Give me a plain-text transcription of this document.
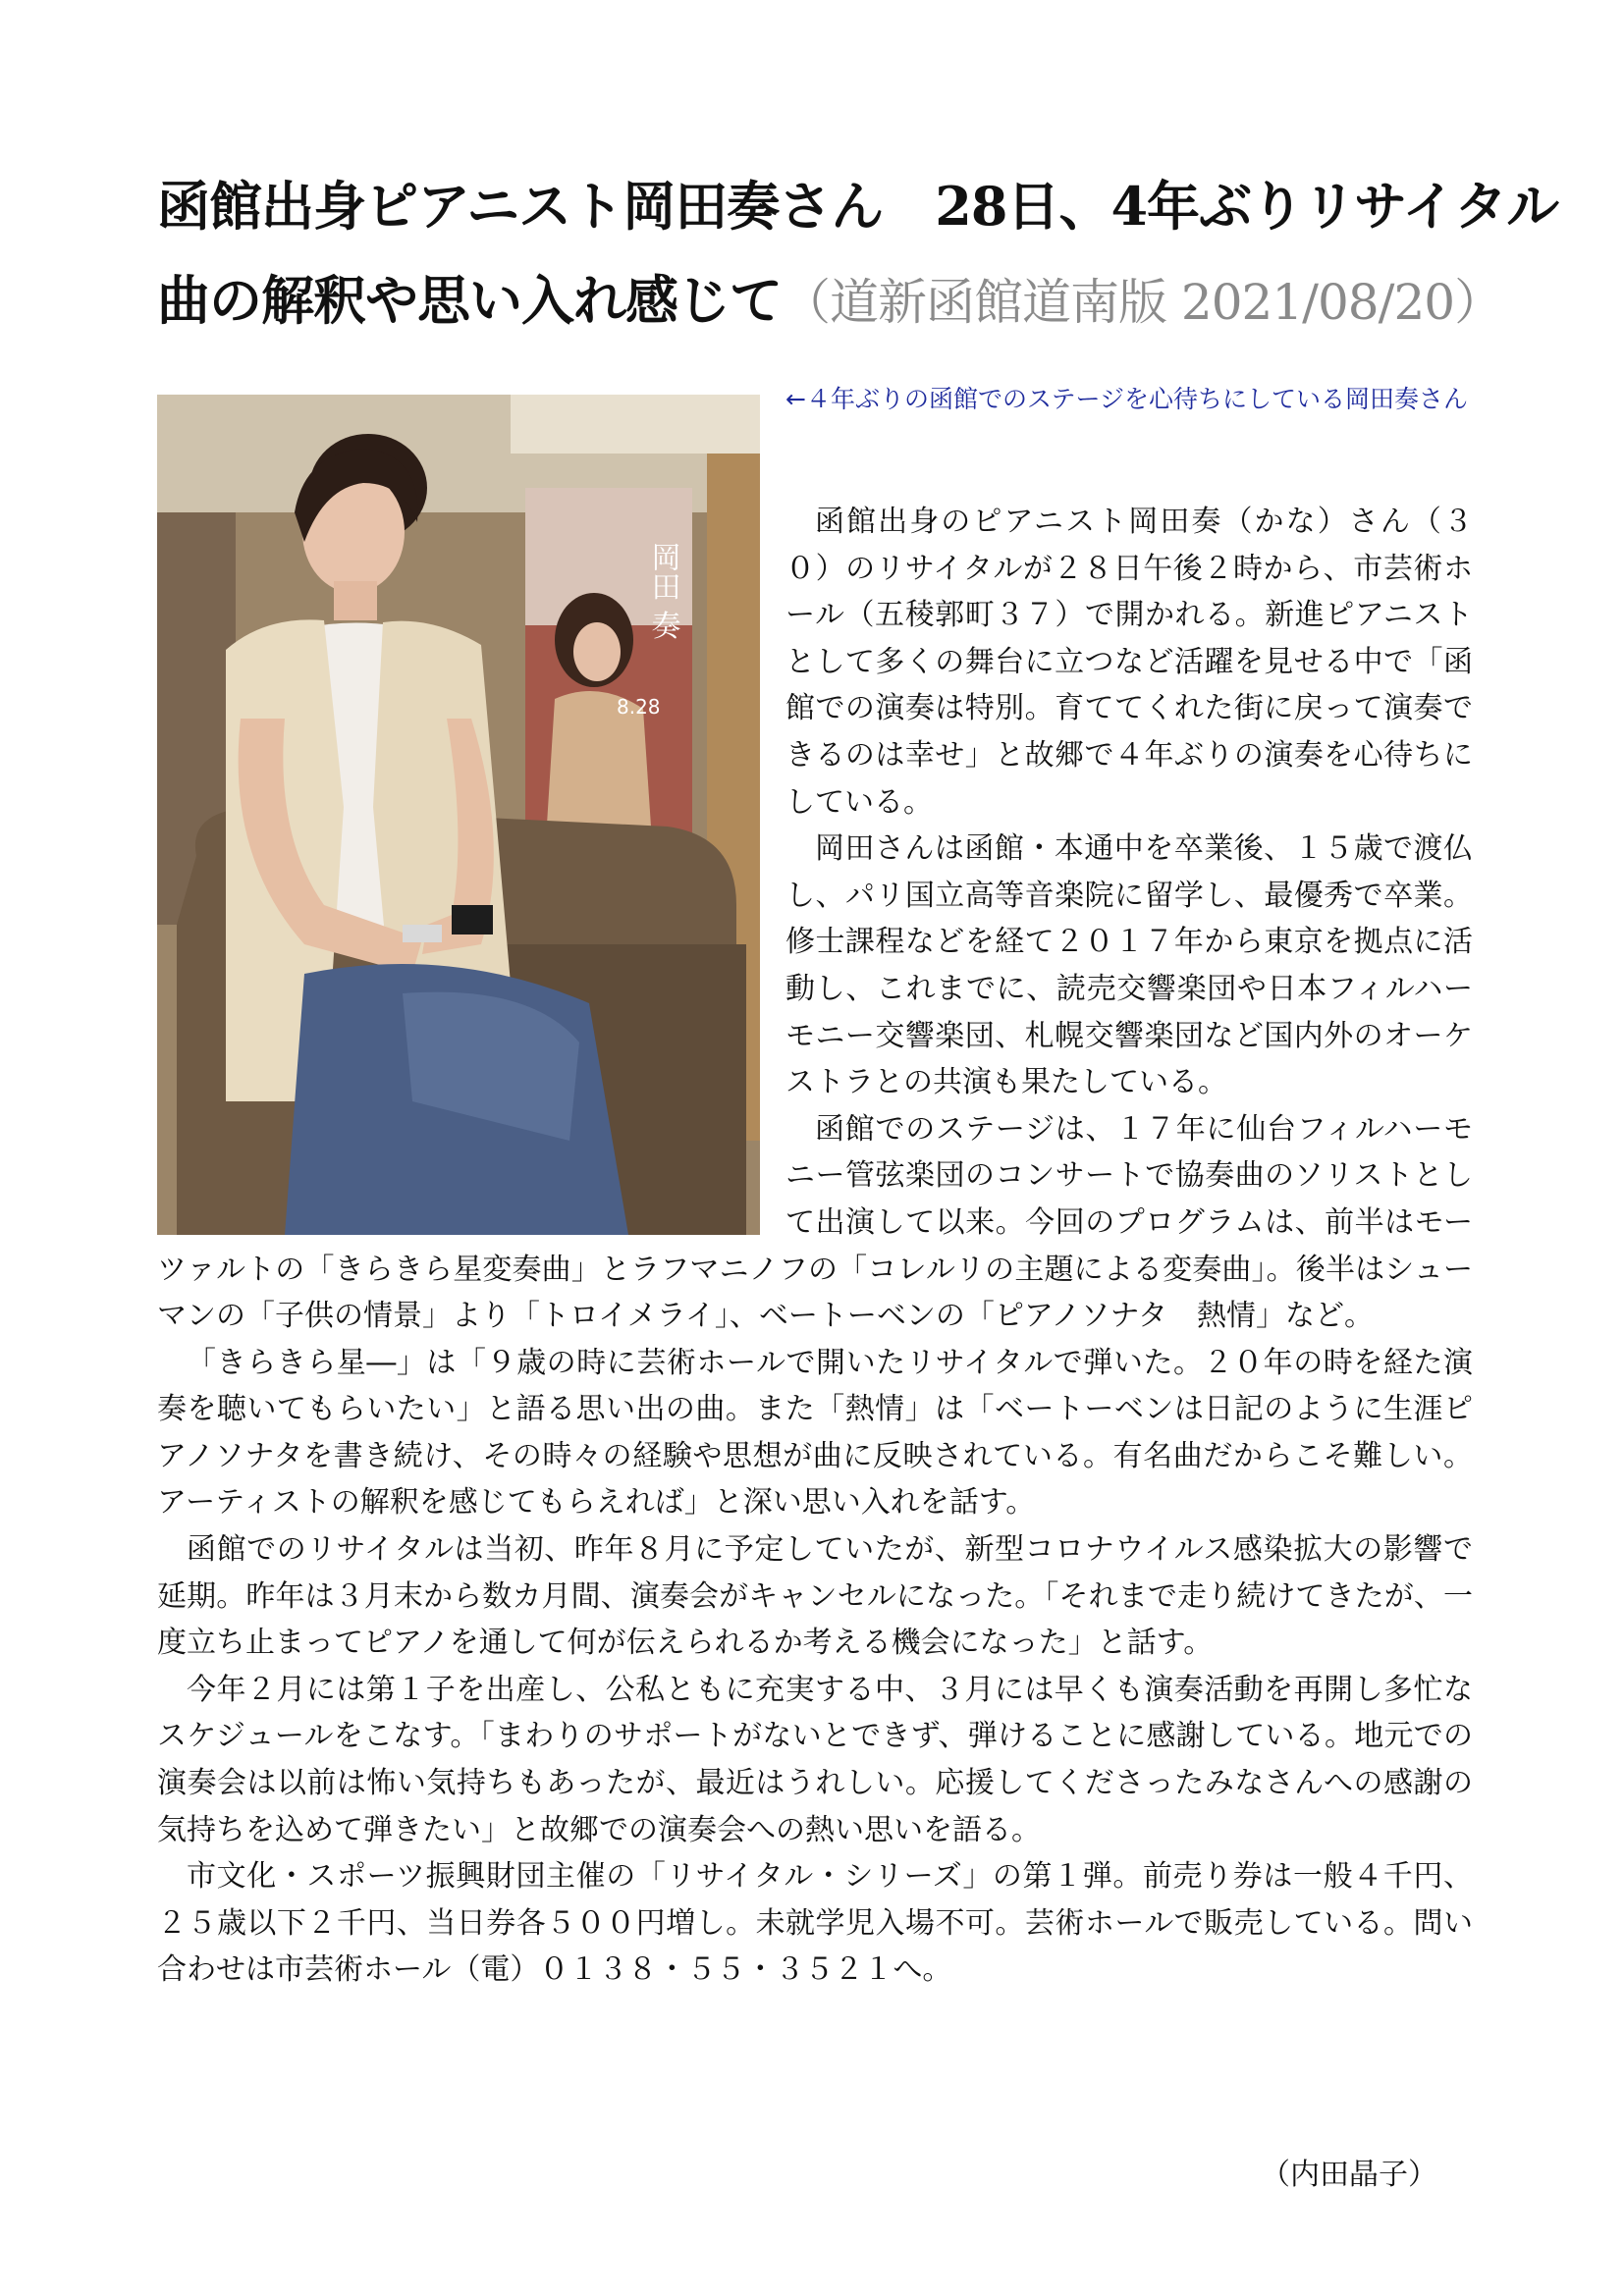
函館出身ピアニスト岡田奏さん　28日、4年ぶりリサイタル
曲の解釈や思い入れ感じて（道新函館道南版 2021/08/20）
岡田 奏
8.28
←４年ぶりの函館でのステージを心待ちにしている岡田奏さん

函館出身のピアニスト岡田奏（かな）さん（３０）のリサイタルが２８日午後２時から、市芸術ホール（五稜郭町３７）で開かれる。新進ピアニストとして多くの舞台に立つなど活躍を見せる中で「函館での演奏は特別。育ててくれた街に戻って演奏できるのは幸せ」と故郷で４年ぶりの演奏を心待ちにしている。

岡田さんは函館・本通中を卒業後、１５歳で渡仏し、パリ国立高等音楽院に留学し、最優秀で卒業。修士課程などを経て２０１７年から東京を拠点に活動し、これまでに、読売交響楽団や日本フィルハーモニー交響楽団、札幌交響楽団など国内外のオーケストラとの共演も果たしている。

函館でのステージは、１７年に仙台フィルハーモニー管弦楽団のコンサートで協奏曲のソリストとして出演して以来。今回のプログラムは、前半はモーツァルトの「きらきら星変奏曲」とラフマニノフの「コレルリの主題による変奏曲」。後半はシューマンの「子供の情景」より「トロイメライ」、ベートーベンの「ピアノソナタ　熱情」など。

「きらきら星―」は「９歳の時に芸術ホールで開いたリサイタルで弾いた。２０年の時を経た演奏を聴いてもらいたい」と語る思い出の曲。また「熱情」は「ベートーベンは日記のように生涯ピアノソナタを書き続け、その時々の経験や思想が曲に反映されている。有名曲だからこそ難しい。アーティストの解釈を感じてもらえれば」と深い思い入れを話す。

函館でのリサイタルは当初、昨年８月に予定していたが、新型コロナウイルス感染拡大の影響で延期。昨年は３月末から数カ月間、演奏会がキャンセルになった。「それまで走り続けてきたが、一度立ち止まってピアノを通して何が伝えられるか考える機会になった」と話す。

今年２月には第１子を出産し、公私ともに充実する中、３月には早くも演奏活動を再開し多忙なスケジュールをこなす。「まわりのサポートがないとできず、弾けることに感謝している。地元での演奏会は以前は怖い気持ちもあったが、最近はうれしい。応援してくださったみなさんへの感謝の気持ちを込めて弾きたい」と故郷での演奏会への熱い思いを語る。

市文化・スポーツ振興財団主催の「リサイタル・シリーズ」の第１弾。前売り券は一般４千円、２５歳以下２千円、当日券各５００円増し。未就学児入場不可。芸術ホールで販売している。問い合わせは市芸術ホール（電）０１３８・５５・３５２１へ。

（内田晶子）
